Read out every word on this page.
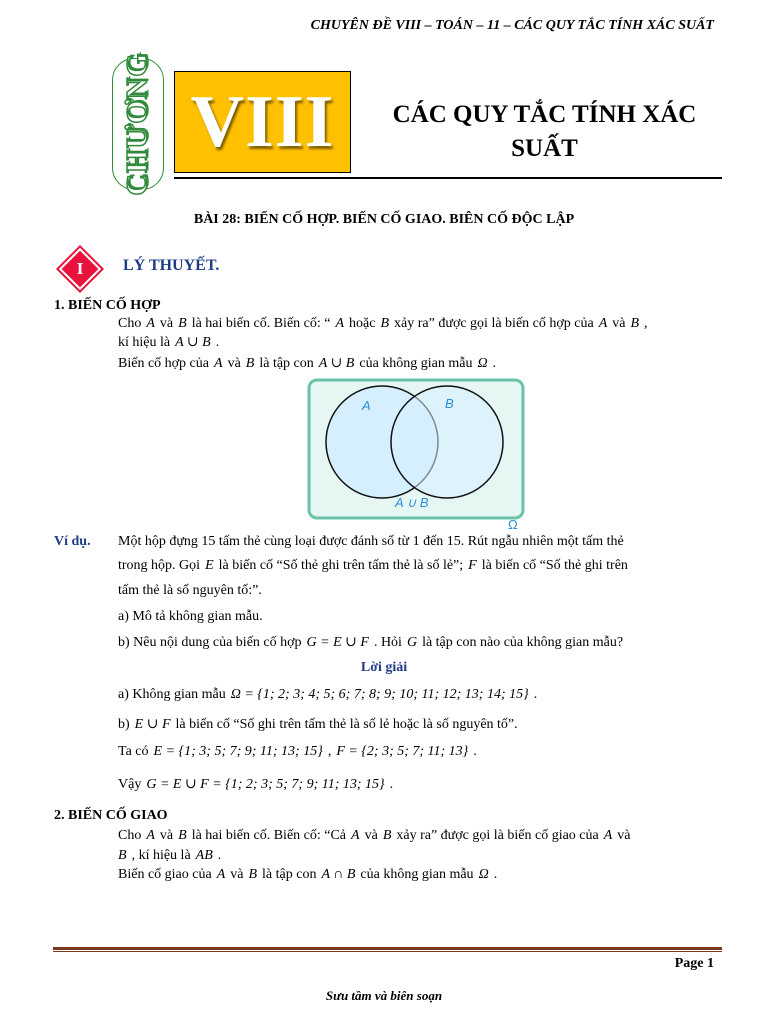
CHUYÊN ĐỀ VIII – TOÁN – 11 – CÁC QUY TẮC TÍNH XÁC SUẤT
CHƯƠNG VIII	CÁC QUY TẮC TÍNH XÁC
SUẤT
BÀI 28: BIẾN CỐ HỢP. BIẾN CỐ GIAO. BIÊN CỐ ĐỘC LẬP
I	LÝ THUYẾT.
1. BIẾN CỐ HỢP
Cho A và B là hai biến cố. Biến cố: “ A hoặc B xảy ra” được gọi là biến cố hợp của A và B ,
kí hiệu là A ∪ B .
Biến cố hợp của A và B là tập con A ∪ B của không gian mẫu Ω .
A	B
A ∪ B
Ω
Ví dụ. Một hộp đựng 15 tấm thẻ cùng loại được đánh số từ 1 đến 15. Rút ngẫu nhiên một tấm thẻ
trong hộp. Gọi E là biến cố “Số thẻ ghi trên tấm thẻ là số lẻ”; F là biến cố “Số thẻ ghi trên
tấm thẻ là số nguyên tố:”.
a) Mô tả không gian mẫu.
b) Nêu nội dung của biến cố hợp G = E ∪ F . Hỏi G là tập con nào của không gian mẫu?
Lời giải
a) Không gian mẫu Ω = {1; 2; 3; 4; 5; 6; 7; 8; 9; 10; 11; 12; 13; 14; 15} .
b) E ∪ F là biến cố “Số ghi trên tấm thẻ là số lẻ hoặc là số nguyên tố”.
Ta có E = {1; 3; 5; 7; 9; 11; 13; 15} , F = {2; 3; 5; 7; 11; 13} .
Vậy G = E ∪ F = {1; 2; 3; 5; 7; 9; 11; 13; 15} .
2. BIẾN CỐ GIAO
Cho A và B là hai biến cố. Biến cố: “Cả A và B xảy ra” được gọi là biến cố giao của A và
B , kí hiệu là AB .
Biến cố giao của A và B là tập con A ∩ B của không gian mẫu Ω .
Page 1
Sưu tầm và biên soạn
